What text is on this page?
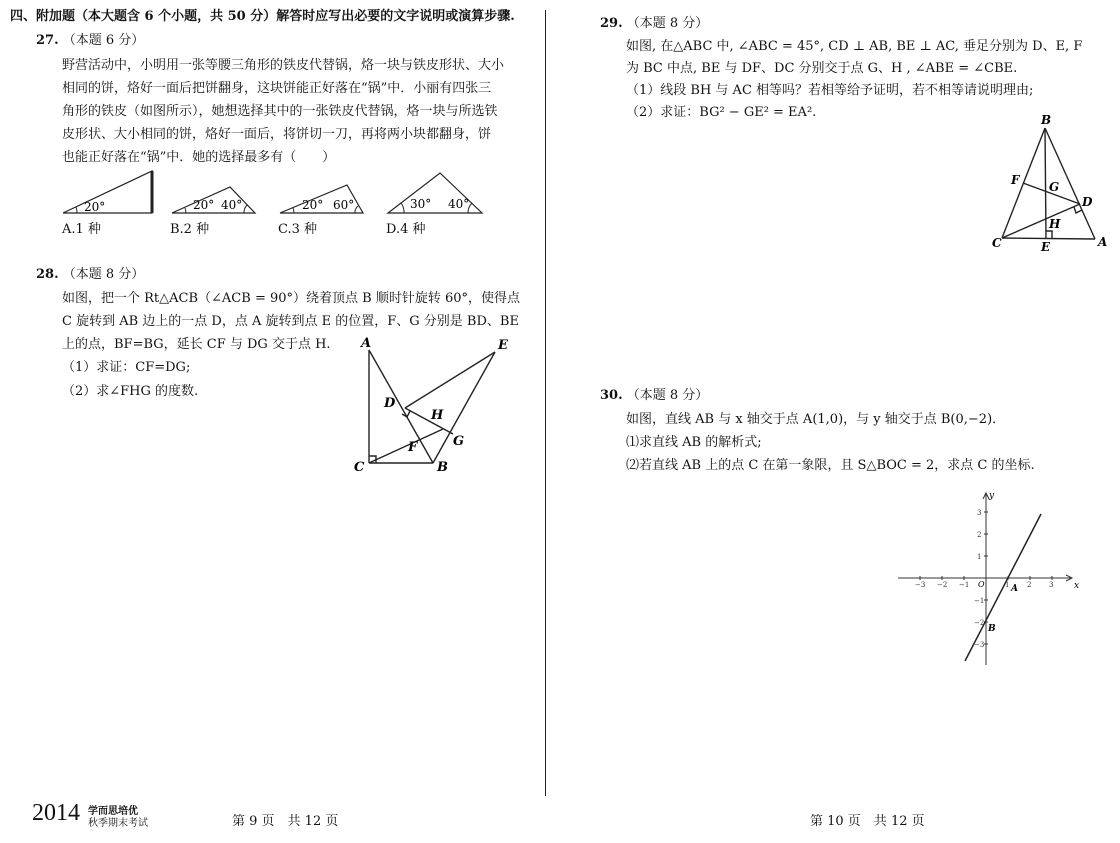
四、附加题（本大题含 6 个小题，共 50 分）解答时应写出必要的文字说明或演算步骤.
27. （本题 6 分）
野营活动中，小明用一张等腰三角形的铁皮代替锅，烙一块与铁皮形状、大小
相同的饼，烙好一面后把饼翻身，这块饼能正好落在“锅”中．小丽有四张三
角形的铁皮（如图所示），她想选择其中的一张铁皮代替锅，烙一块与所选铁
皮形状、大小相同的饼，烙好一面后，将饼切一刀，再将两小块都翻身，饼
也能正好落在“锅”中．她的选择最多有（　　）
20°	20° 40°	20° 60°	30° 40°
A.1 种	B.2 种	C.3 种	D.4 种
28. （本题 8 分）
如图，把一个 Rt△ACB（∠ACB = 90°）绕着顶点 B 顺时针旋转 60°，使得点
C 旋转到 AB 边上的一点 D，点 A 旋转到点 E 的位置，F、G 分别是 BD、BE
上的点，BF=BG，延长 CF 与 DG 交于点 H.
（1）求证：CF=DG;
（2）求∠FHG 的度数.
A	E
D
H
G
F
C	B
2014 学而思培优
秋季期末考试	第 9 页　共 12 页
29. （本题 8 分）
如图, 在△ABC 中, ∠ABC = 45°, CD ⊥ AB, BE ⊥ AC, 垂足分别为 D、E, F
为 BC 中点, BE 与 DF、DC 分别交于点 G、H , ∠ABE = ∠CBE.
（1）线段 BH 与 AC 相等吗？若相等给予证明，若不相等请说明理由;
（2）求证：BG² − GE² = EA².	B
F G
D
H
C	E	A
30. （本题 8 分）
如图，直线 AB 与 x 轴交于点 A(1,0)，与 y 轴交于点 B(0,−2)．
⑴求直线 AB 的解析式;
⑵若直线 AB 上的点 C 在第一象限，且 S△BOC = 2，求点 C 的坐标.
−3 −2 −1	1	2	3
3
2
1
−1
−2
−3
x
y
O	A
B
第 10 页　共 12 页
